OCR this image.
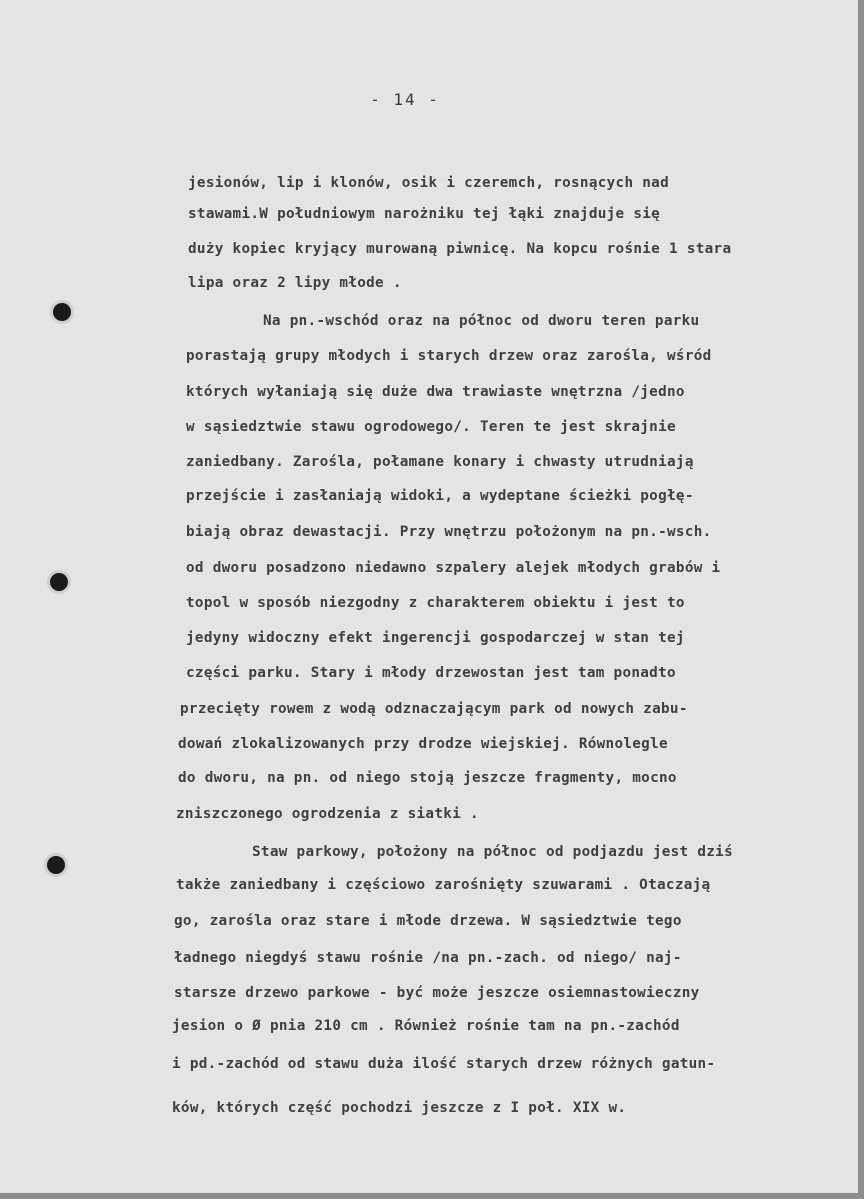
- 14 -
jesionów, lip i klonów, osik i czeremch, rosnących nad
stawami.W południowym narożniku tej łąki znajduje się
duży kopiec kryjący murowaną piwnicę. Na kopcu rośnie 1 stara
lipa oraz 2 lipy młode .
Na pn.-wschód oraz na północ od dworu teren parku
porastają grupy młodych i starych drzew oraz zarośla, wśród
których wyłaniają się duże dwa trawiaste wnętrzna /jedno
w sąsiedztwie stawu ogrodowego/. Teren te jest skrajnie
zaniedbany. Zarośla, połamane konary i chwasty utrudniają
przejście i zasłaniają widoki, a wydeptane ścieżki pogłę-
biają obraz dewastacji. Przy wnętrzu położonym na pn.-wsch.
od dworu posadzono niedawno szpalery alejek młodych grabów i
topol w sposób niezgodny z charakterem obiektu i jest to
jedyny widoczny efekt ingerencji gospodarczej w stan tej
części parku. Stary i młody drzewostan jest tam ponadto
przecięty rowem z wodą odznaczającym park od nowych zabu-
dowań zlokalizowanych przy drodze wiejskiej. Równolegle
do dworu, na pn. od niego stoją jeszcze fragmenty, mocno
zniszczonego ogrodzenia z siatki .
Staw parkowy, położony na północ od podjazdu jest dziś
także zaniedbany i częściowo zarośnięty szuwarami . Otaczają
go, zarośla oraz stare i młode drzewa. W sąsiedztwie tego
ładnego niegdyś stawu rośnie /na pn.-zach. od niego/ naj-
starsze drzewo parkowe - być może jeszcze osiemnastowieczny
jesion o Ø pnia 210 cm . Również rośnie tam na pn.-zachód
i pd.-zachód od stawu duża ilość starych drzew różnych gatun-
ków, których część pochodzi jeszcze z I poł. XIX w.
